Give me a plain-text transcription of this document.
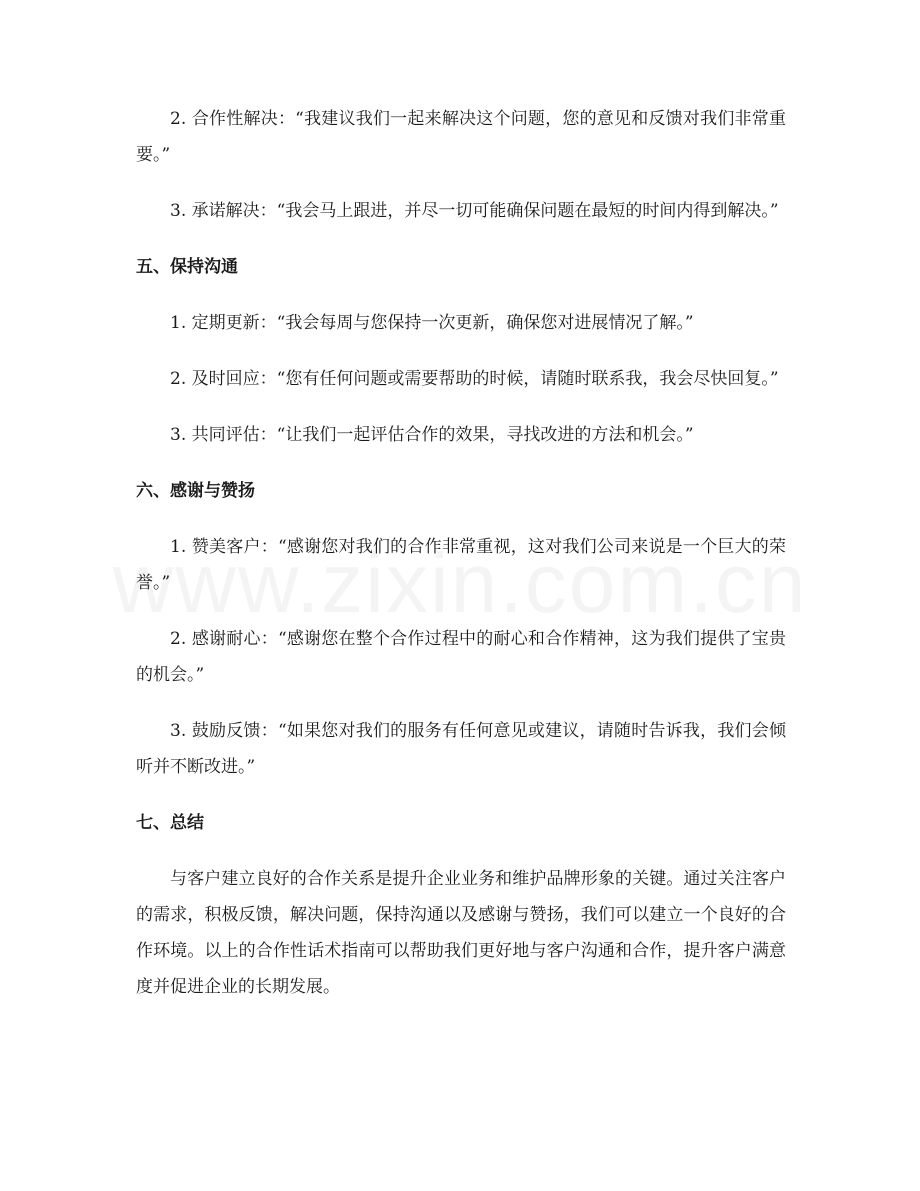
2. 合作性解决：“我建议我们一起来解决这个问题，您的意见和反馈对我们非常重要。”

3. 承诺解决：“我会马上跟进，并尽一切可能确保问题在最短的时间内得到解决。”

五、保持沟通

1. 定期更新：“我会每周与您保持一次更新，确保您对进展情况了解。”

2. 及时回应：“您有任何问题或需要帮助的时候，请随时联系我，我会尽快回复。”

3. 共同评估：“让我们一起评估合作的效果，寻找改进的方法和机会。”

六、感谢与赞扬

1. 赞美客户：“感谢您对我们的合作非常重视，这对我们公司来说是一个巨大的荣誉。”

2. 感谢耐心：“感谢您在整个合作过程中的耐心和合作精神，这为我们提供了宝贵的机会。”

3. 鼓励反馈：“如果您对我们的服务有任何意见或建议，请随时告诉我，我们会倾听并不断改进。”

七、总结

与客户建立良好的合作关系是提升企业业务和维护品牌形象的关键。通过关注客户的需求，积极反馈，解决问题，保持沟通以及感谢与赞扬，我们可以建立一个良好的合作环境。以上的合作性话术指南可以帮助我们更好地与客户沟通和合作，提升客户满意度并促进企业的长期发展。
